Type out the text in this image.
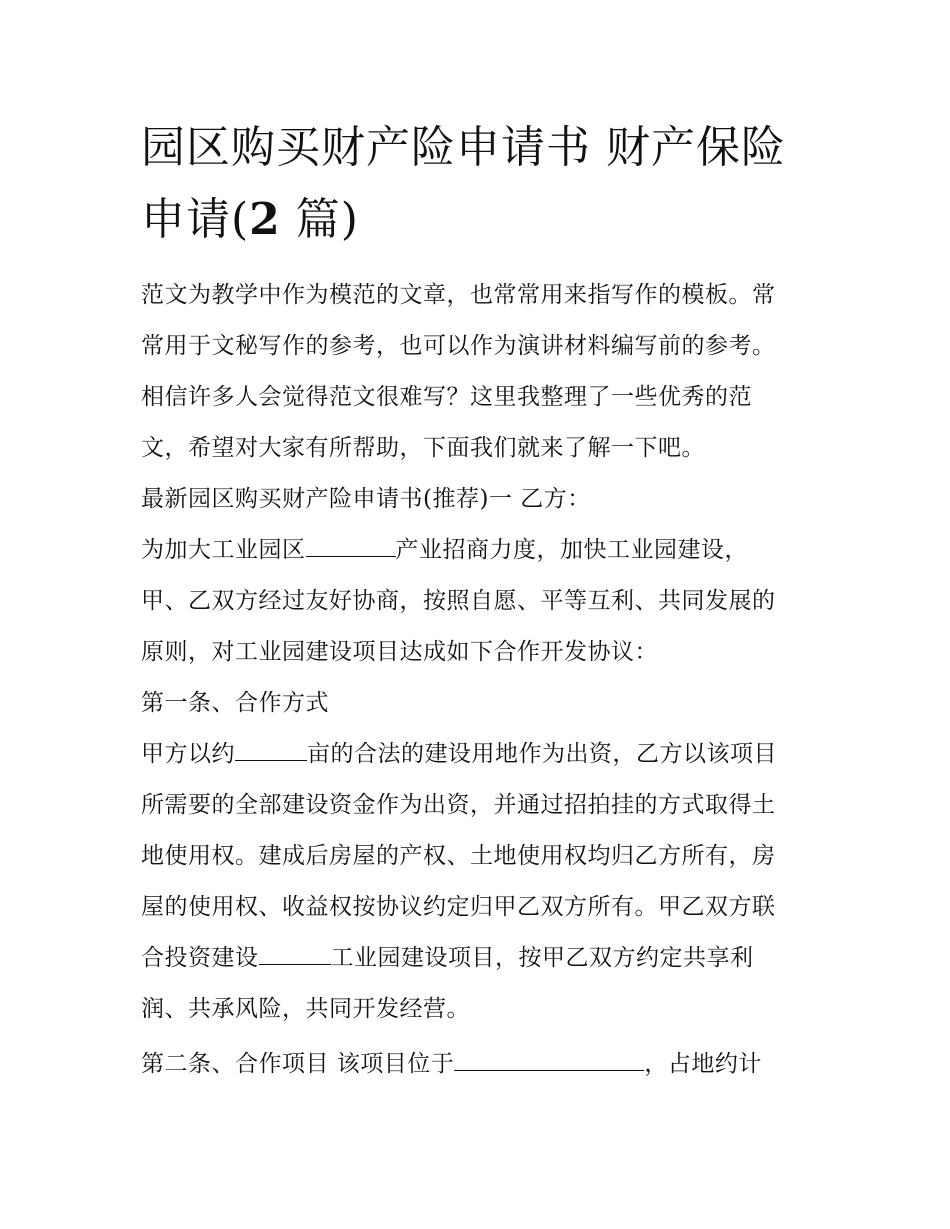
园区购买财产险申请书 财产保险申请(2 篇)

范文为教学中作为模范的文章，也常常用来指写作的模板。常

常用于文秘写作的参考，也可以作为演讲材料编写前的参考。

相信许多人会觉得范文很难写？这里我整理了一些优秀的范

文，希望对大家有所帮助，下面我们就来了解一下吧。

最新园区购买财产险申请书(推荐)一 乙方：

为加大工业园区	产业招商力度，加快工业园建设，

甲、乙双方经过友好协商，按照自愿、平等互利、共同发展的

原则，对工业园建设项目达成如下合作开发协议：

第一条、合作方式

甲方以约	亩的合法的建设用地作为出资，乙方以该项目

所需要的全部建设资金作为出资，并通过招拍挂的方式取得土

地使用权。建成后房屋的产权、土地使用权均归乙方所有，房

屋的使用权、收益权按协议约定归甲乙双方所有。甲乙双方联

合投资建设	工业园建设项目，按甲乙双方约定共享利

润、共承风险，共同开发经营。

第二条、合作项目 该项目位于	，占地约计
